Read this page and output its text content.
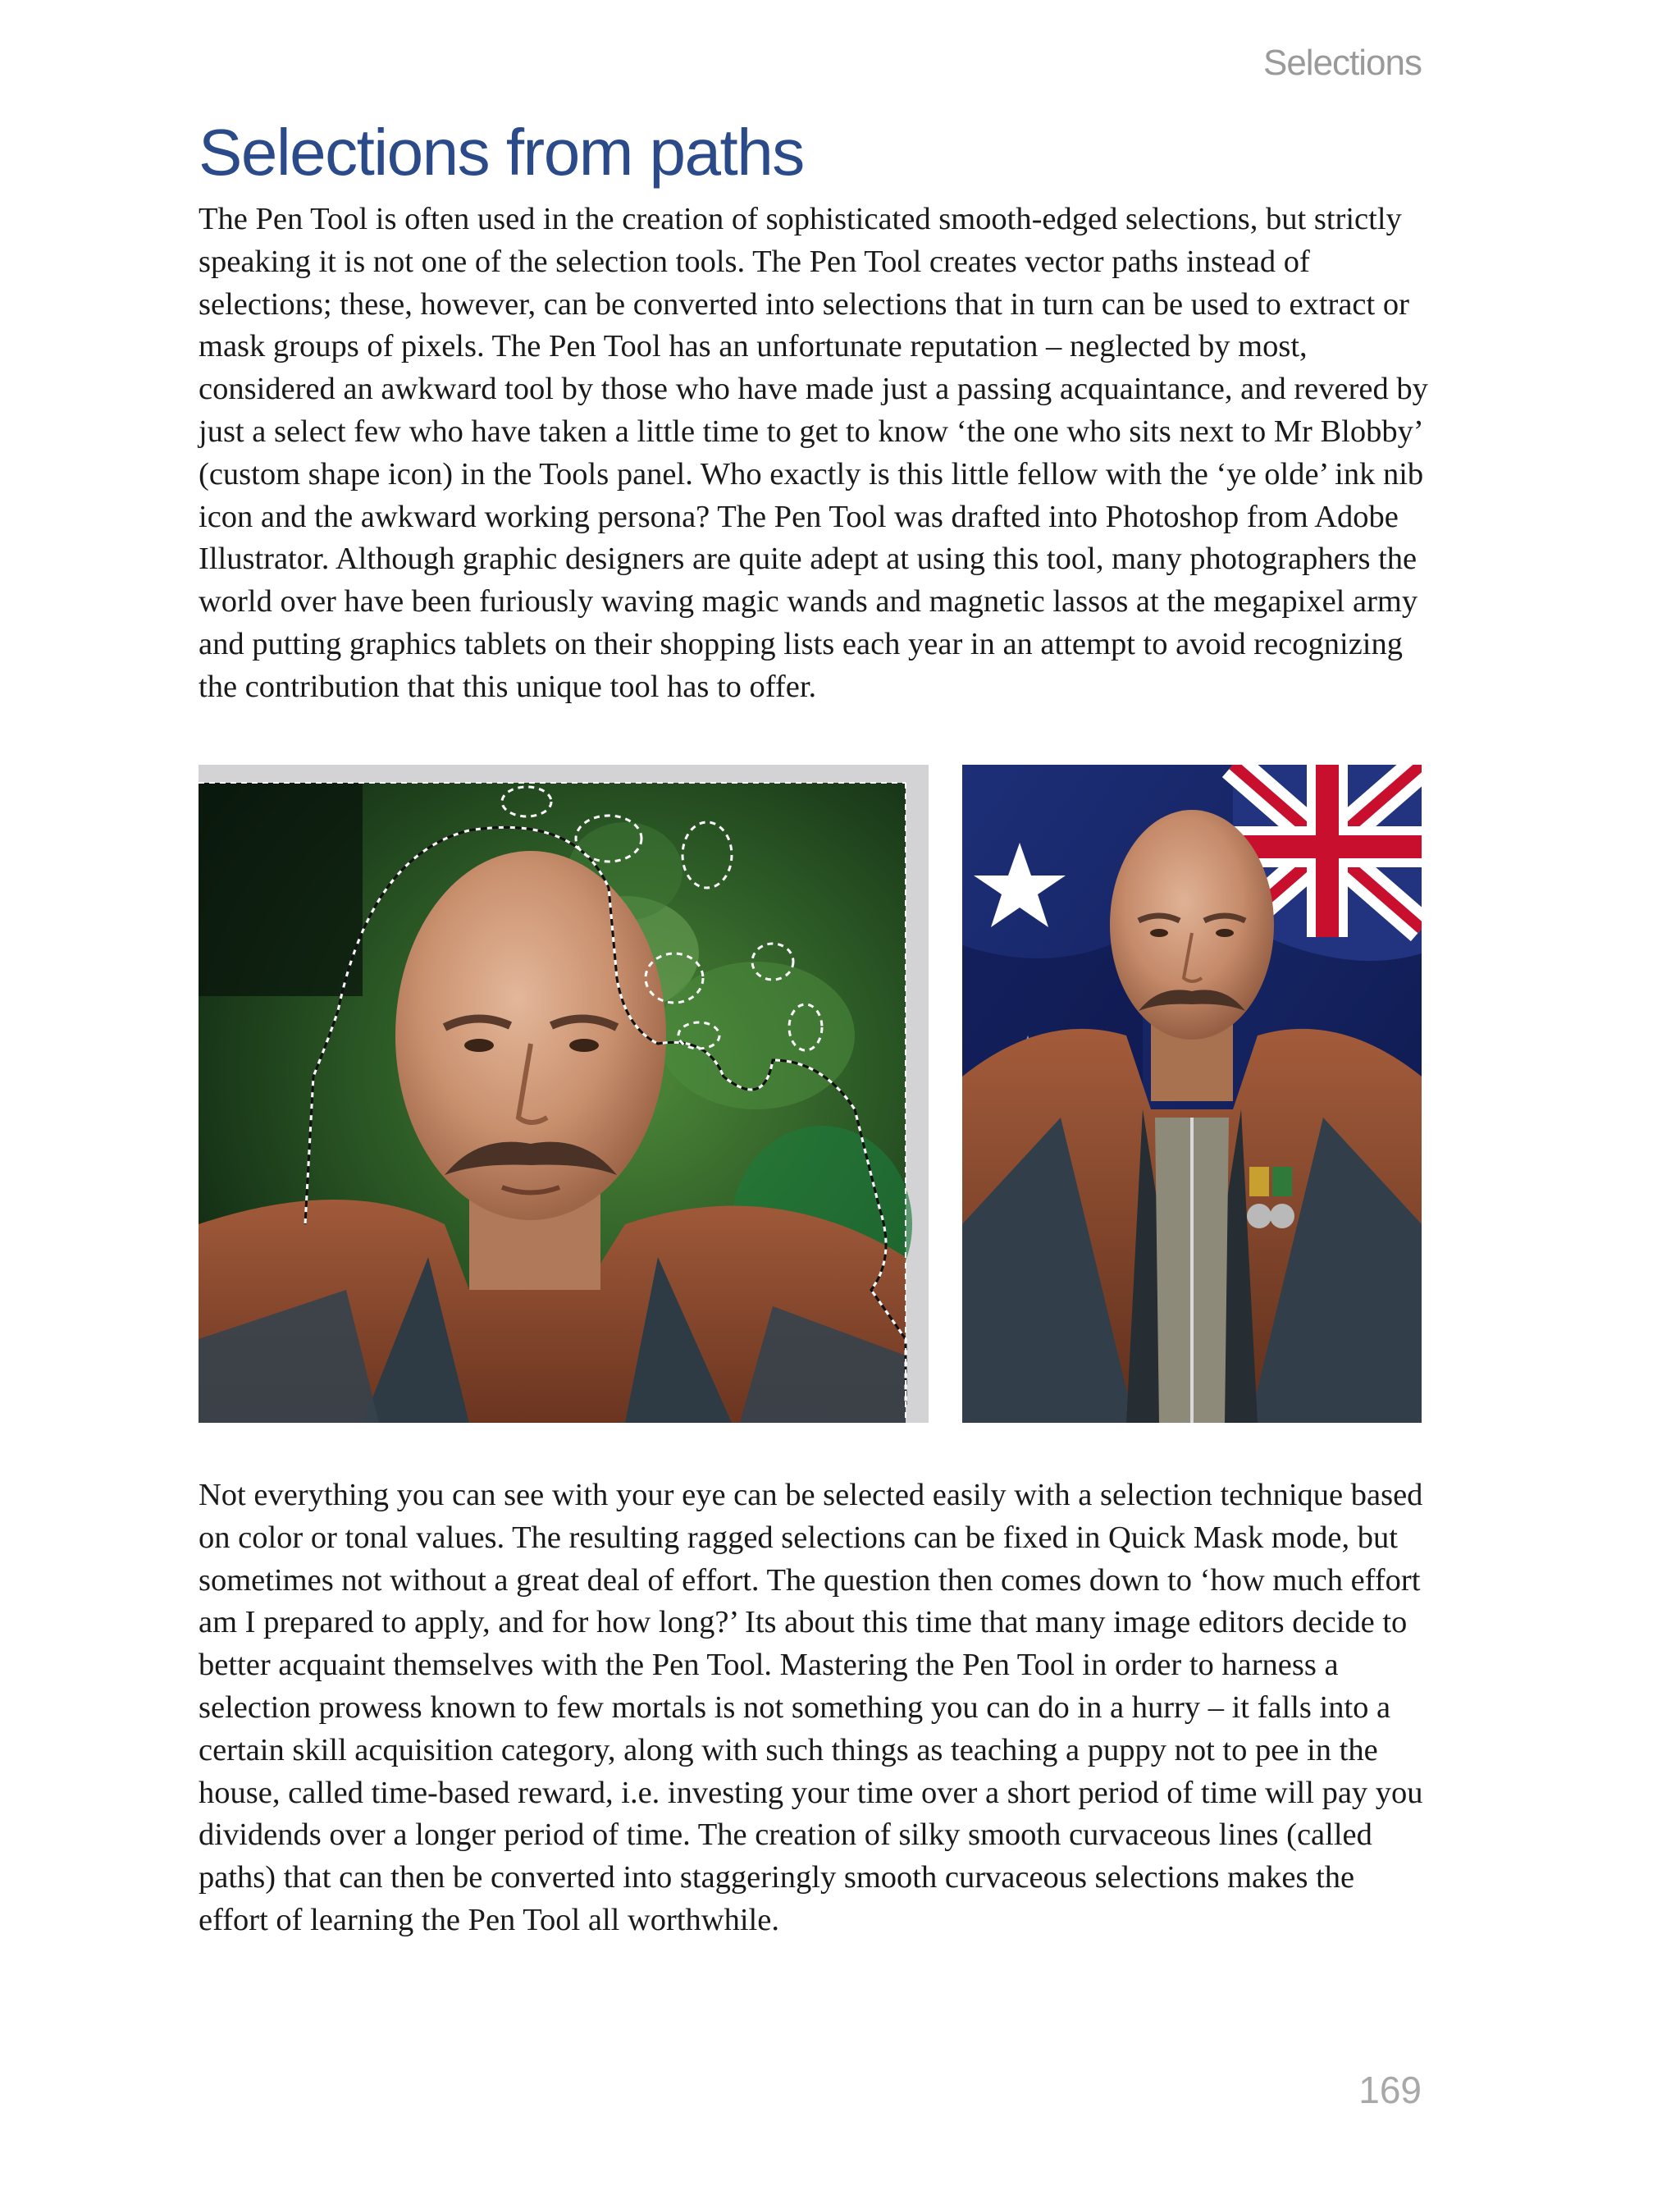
Selections
Selections from paths

The Pen Tool is often used in the creation of sophisticated smooth-edged selections, but strictly speaking it is not one of the selection tools. The Pen Tool creates vector paths instead of selections; these, however, can be converted into selections that in turn can be used to extract or mask groups of pixels. The Pen Tool has an unfortunate reputation – neglected by most, considered an awkward tool by those who have made just a passing acquaintance, and revered by just a select few who have taken a little time to get to know ‘the one who sits next to Mr Blobby’ (custom shape icon) in the Tools panel. Who exactly is this little fellow with the ‘ye olde’ ink nib icon and the awkward working persona? The Pen Tool was drafted into Photoshop from Adobe Illustrator. Although graphic designers are quite adept at using this tool, many photographers the world over have been furiously waving magic wands and magnetic lassos at the megapixel army and putting graphics tablets on their shopping lists each year in an attempt to avoid recognizing the contribution that this unique tool has to offer.

Not everything you can see with your eye can be selected easily with a selection technique based on color or tonal values. The resulting ragged selections can be fixed in Quick Mask mode, but sometimes not without a great deal of effort. The question then comes down to ‘how much effort am I prepared to apply, and for how long?’ Its about this time that many image editors decide to better acquaint themselves with the Pen Tool. Mastering the Pen Tool in order to harness a selection prowess known to few mortals is not something you can do in a hurry – it falls into a certain skill acquisition category, along with such things as teaching a puppy not to pee in the house, called time-based reward, i.e. investing your time over a short period of time will pay you dividends over a longer period of time. The creation of silky smooth curvaceous lines (called paths) that can then be converted into staggeringly smooth curvaceous selections makes the effort of learning the Pen Tool all worthwhile.

169
